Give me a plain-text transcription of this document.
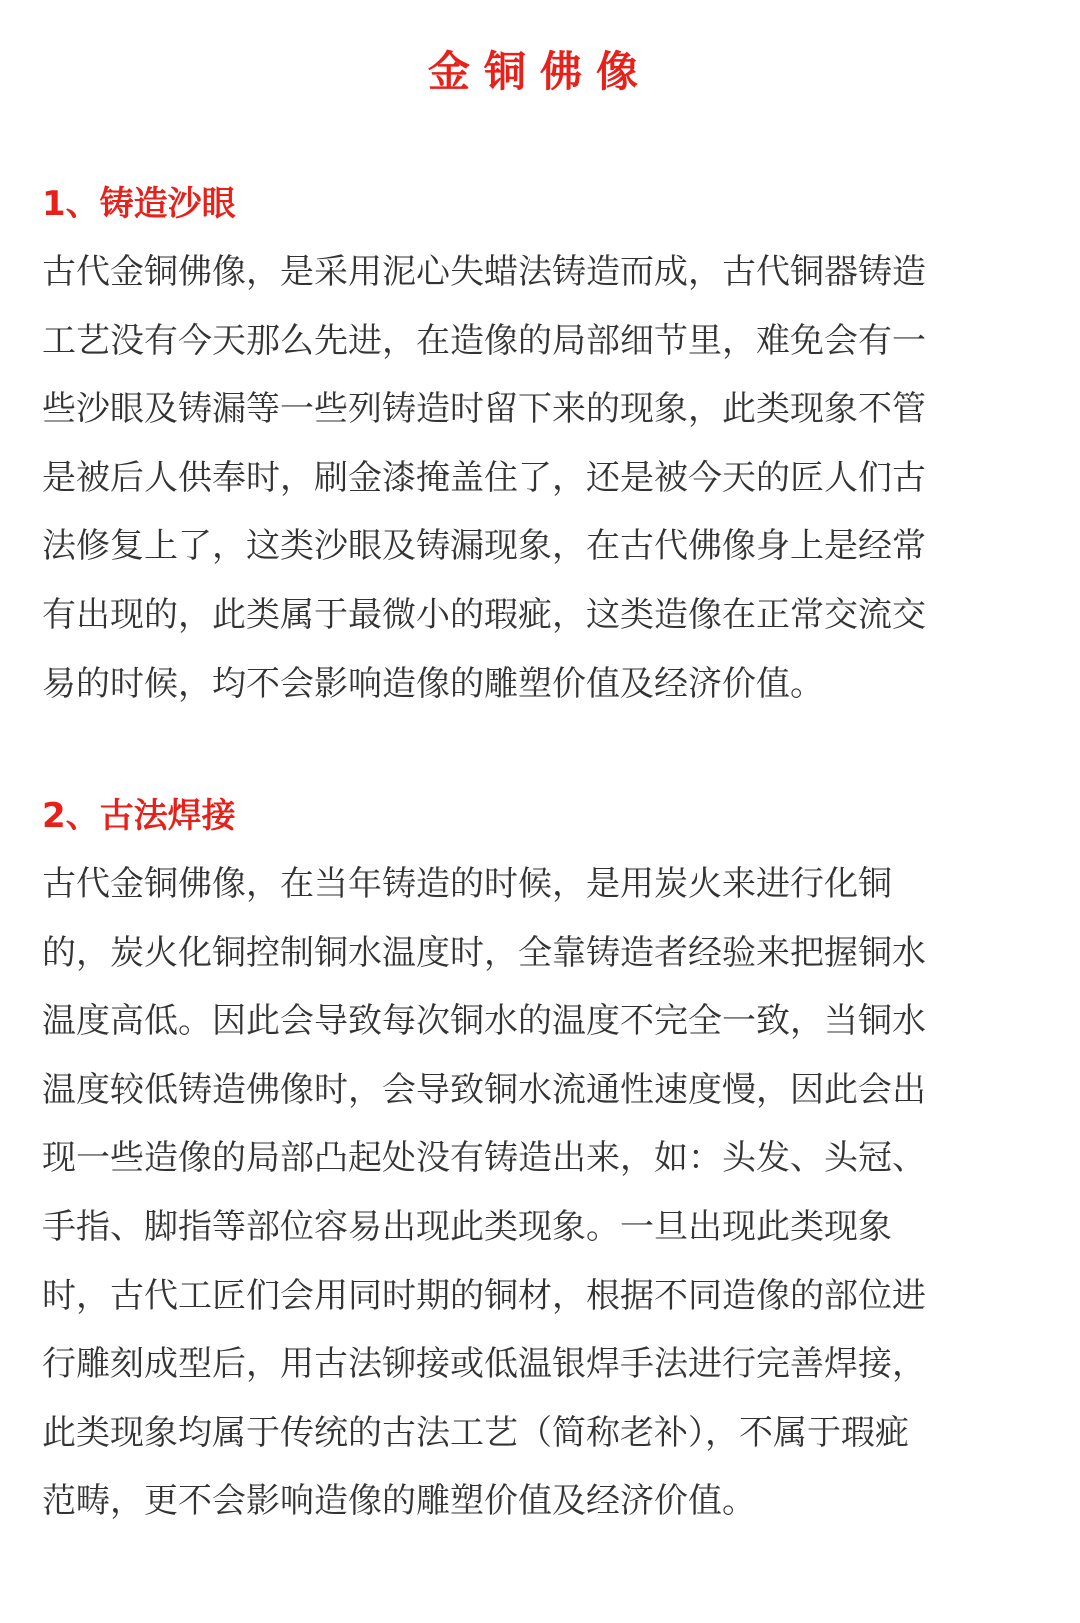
金铜佛像
1、铸造沙眼
古代金铜佛像，是采用泥心失蜡法铸造而成，古代铜器铸造
工艺没有今天那么先进，在造像的局部细节里，难免会有一
些沙眼及铸漏等一些列铸造时留下来的现象，此类现象不管
是被后人供奉时，刷金漆掩盖住了，还是被今天的匠人们古
法修复上了，这类沙眼及铸漏现象，在古代佛像身上是经常
有出现的，此类属于最微小的瑕疵，这类造像在正常交流交
易的时候，均不会影响造像的雕塑价值及经济价值。
2、古法焊接
古代金铜佛像，在当年铸造的时候，是用炭火来进行化铜
的，炭火化铜控制铜水温度时，全靠铸造者经验来把握铜水
温度高低。因此会导致每次铜水的温度不完全一致，当铜水
温度较低铸造佛像时，会导致铜水流通性速度慢，因此会出
现一些造像的局部凸起处没有铸造出来，如：头发、头冠、
手指、脚指等部位容易出现此类现象。一旦出现此类现象
时，古代工匠们会用同时期的铜材，根据不同造像的部位进
行雕刻成型后，用古法铆接或低温银焊手法进行完善焊接，
此类现象均属于传统的古法工艺（简称老补），不属于瑕疵
范畴，更不会影响造像的雕塑价值及经济价值。
